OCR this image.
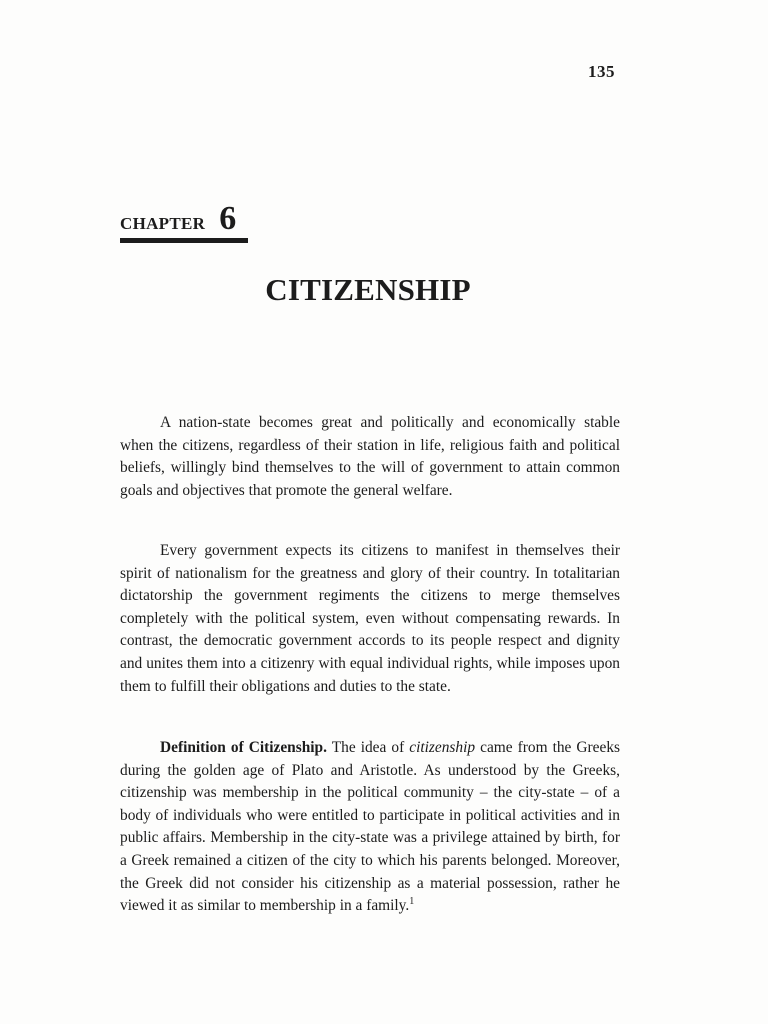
135
CHAPTER 6
CITIZENSHIP

A nation-state becomes great and politically and economically stable when the citizens, regardless of their station in life, religious faith and political beliefs, willingly bind themselves to the will of government to attain common goals and objectives that promote the general welfare.

Every government expects its citizens to manifest in themselves their spirit of nationalism for the greatness and glory of their country. In totalitarian dictatorship the government regiments the citizens to merge themselves completely with the political system, even without compensating rewards. In contrast, the democratic government accords to its people respect and dignity and unites them into a citizenry with equal individual rights, while imposes upon them to fulfill their obligations and duties to the state.

Definition of Citizenship. The idea of citizenship came from the Greeks during the golden age of Plato and Aristotle. As understood by the Greeks, citizenship was membership in the political community – the city-state – of a body of individuals who were entitled to participate in political activities and in public affairs. Membership in the city-state was a privilege attained by birth, for a Greek remained a citizen of the city to which his parents belonged. Moreover, the Greek did not consider his citizenship as a material possession, rather he viewed it as similar to membership in a family.$^1$
